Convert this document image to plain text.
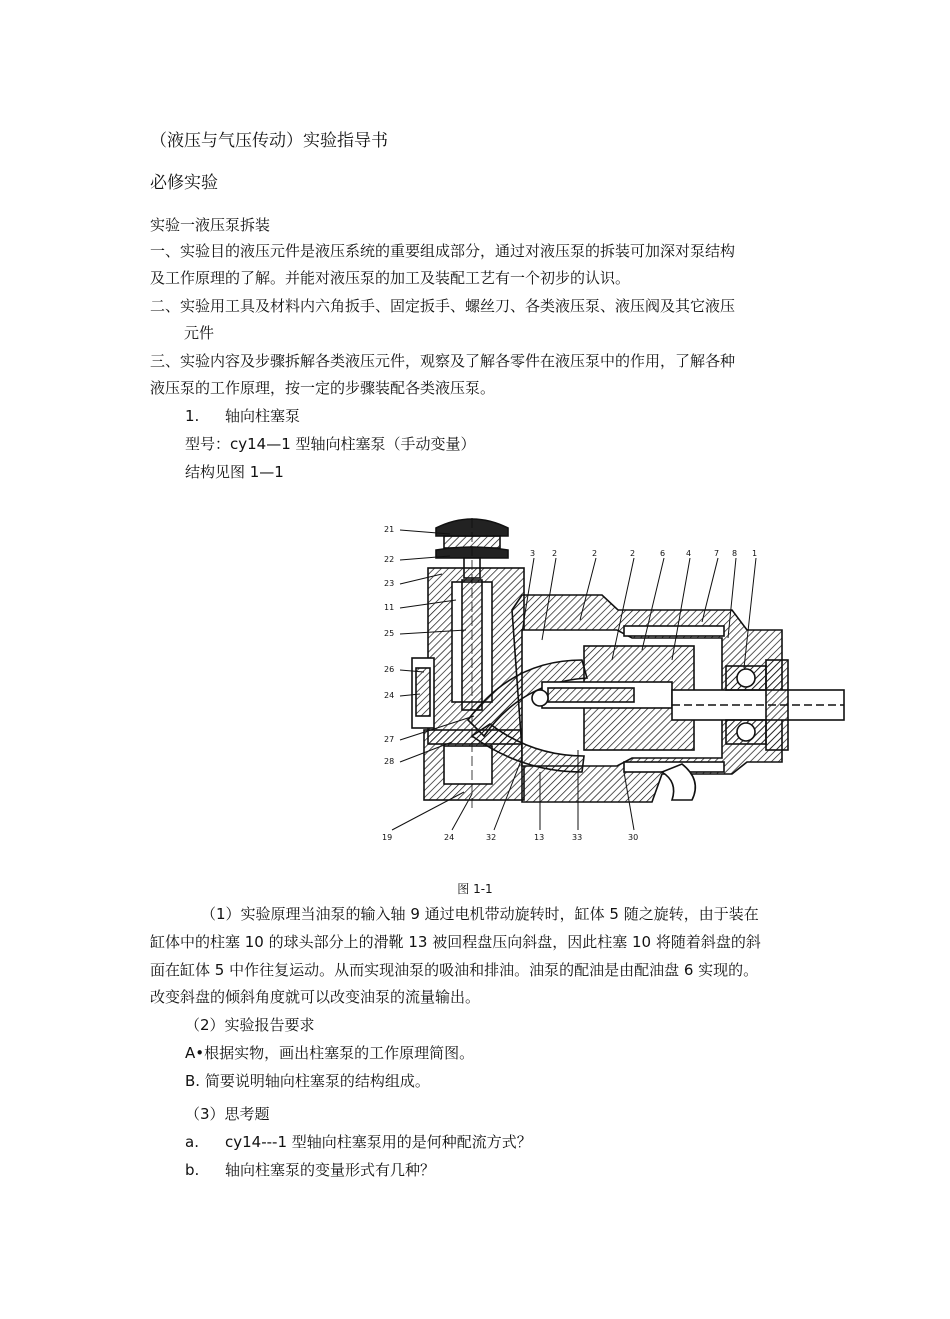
（液压与气压传动）实验指导书
必修实验
实验一液压泵拆装
一、实验目的液压元件是液压系统的重要组成部分，通过对液压泵的拆装可加深对泵结构
及工作原理的了解。并能对液压泵的加工及装配工艺有一个初步的认识。
二、实验用工具及材料内六角扳手、固定扳手、螺丝刀、各类液压泵、液压阀及其它液压
元件
三、实验内容及步骤拆解各类液压元件，观察及了解各零件在液压泵中的作用，了解各种
液压泵的工作原理，按一定的步骤装配各类液压泵。
1. 轴向柱塞泵
型号：cy14—1 型轴向柱塞泵（手动变量）
结构见图 1—1
3 2	2	2	6	4	7 8 1
21
22
23
11
25
26
24
27
28
19	24	32	13	33	30
图 1-1
（1）实验原理当油泵的输入轴 9 通过电机带动旋转时，缸体 5 随之旋转，由于装在
缸体中的柱塞 10 的球头部分上的滑靴 13 被回程盘压向斜盘，因此柱塞 10 将随着斜盘的斜
面在缸体 5 中作往复运动。从而实现油泵的吸油和排油。油泵的配油是由配油盘 6 实现的。
改变斜盘的倾斜角度就可以改变油泵的流量输出。
（2）实验报告要求
A•根据实物，画出柱塞泵的工作原理简图。
B. 简要说明轴向柱塞泵的结构组成。
（3）思考题
a. cy14---1 型轴向柱塞泵用的是何种配流方式？
b. 轴向柱塞泵的变量形式有几种？
